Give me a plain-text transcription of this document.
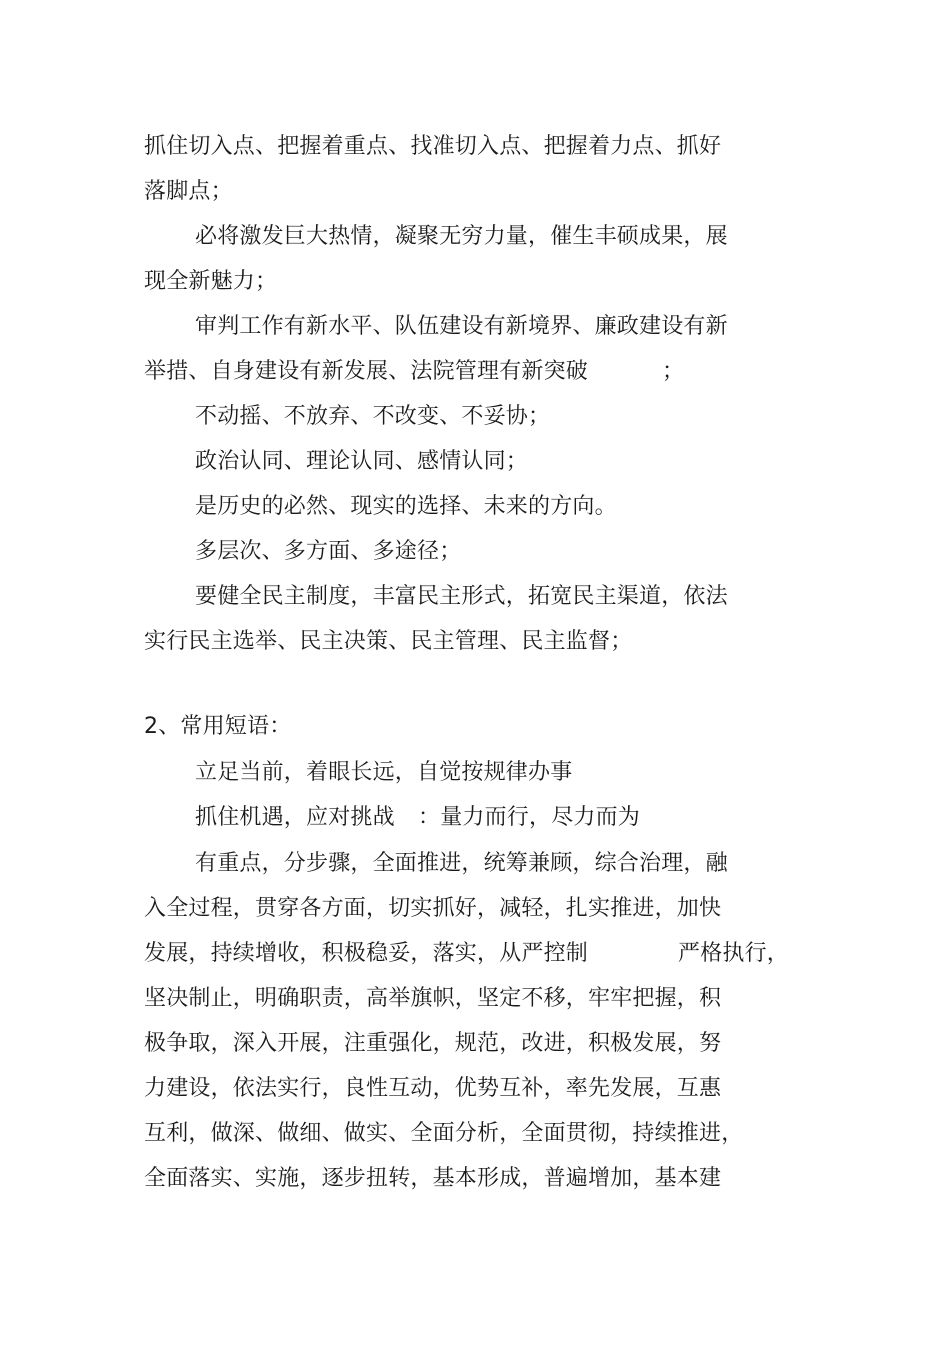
抓住切入点、把握着重点、找准切入点、把握着力点、抓好
落脚点；
必将激发巨大热情，凝聚无穷力量，催生丰硕成果，展
现全新魅力；
审判工作有新水平、队伍建设有新境界、廉政建设有新
举措、自身建设有新发展、法院管理有新突破	；
不动摇、不放弃、不改变、不妥协；
政治认同、理论认同、感情认同；
是历史的必然、现实的选择、未来的方向。
多层次、多方面、多途径；
要健全民主制度，丰富民主形式，拓宽民主渠道，依法
实行民主选举、民主决策、民主管理、民主监督；
2、常用短语：
立足当前，着眼长远，自觉按规律办事
抓住机遇，应对挑战 ：量力而行，尽力而为
有重点，分步骤，全面推进，统筹兼顾，综合治理，融
入全过程，贯穿各方面，切实抓好，减轻，扎实推进，加快
发展，持续增收，积极稳妥，落实，从严控制	严格执行，
坚决制止，明确职责，高举旗帜，坚定不移，牢牢把握，积
极争取，深入开展，注重强化，规范，改进，积极发展，努
力建设，依法实行，良性互动，优势互补，率先发展，互惠
互利，做深、做细、做实、全面分析，全面贯彻，持续推进，
全面落实、实施，逐步扭转，基本形成，普遍增加，基本建
